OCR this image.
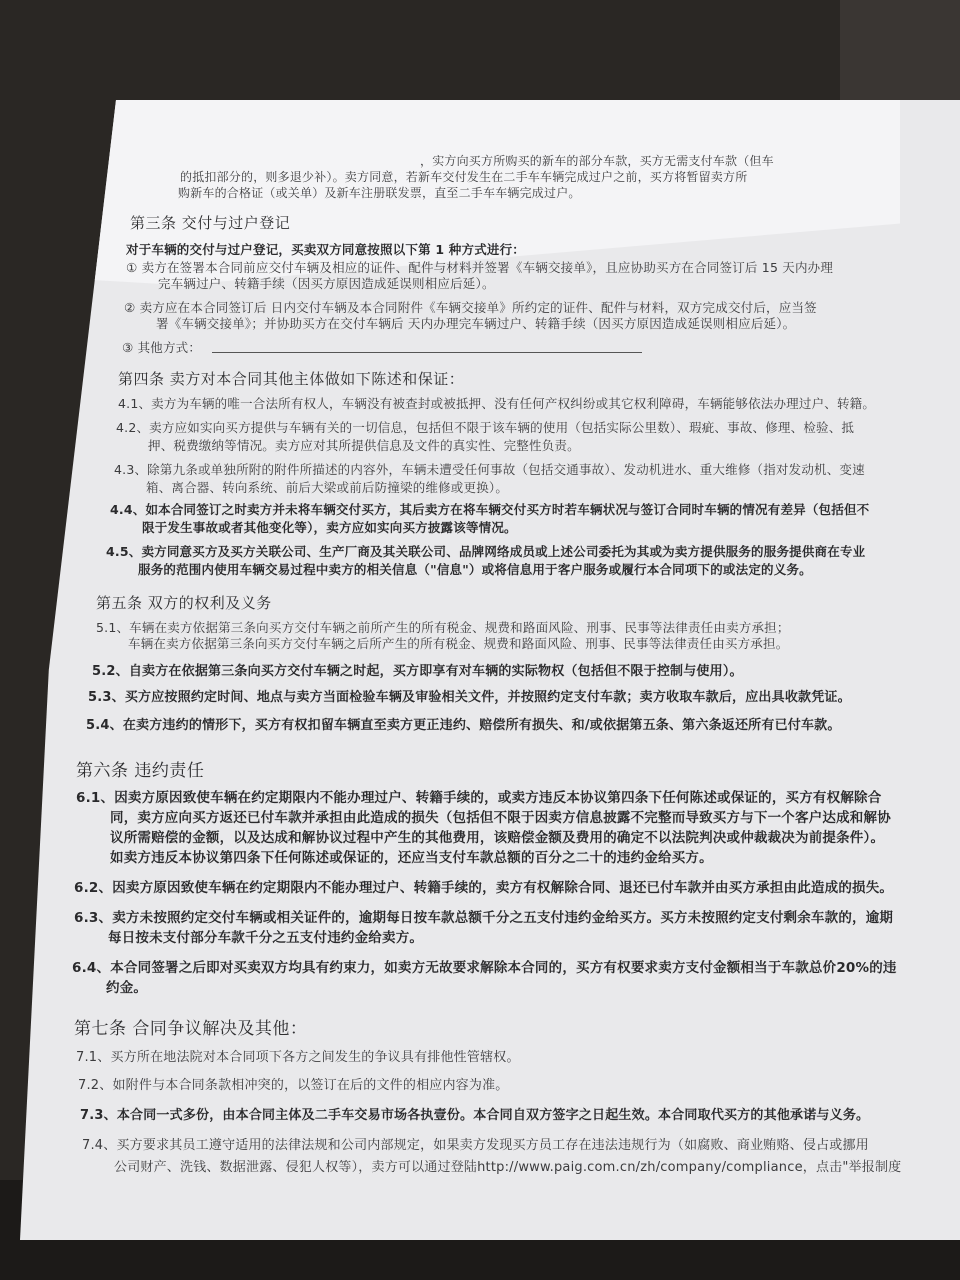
，实方向买方所购买的新车的部分车款，买方无需支付车款（但车
的抵扣部分的，则多退少补）。卖方同意，若新车交付发生在二手车车辆完成过户之前，买方将暂留卖方所
购新车的合格证（或关单）及新车注册联发票，直至二手车车辆完成过户。
第三条 交付与过户登记
对于车辆的交付与过户登记，买卖双方同意按照以下第 1 种方式进行：
① 卖方在签署本合同前应交付车辆及相应的证件、配件与材料并签署《车辆交接单》，且应协助买方在合同签订后 15 天内办理
完车辆过户、转籍手续（因买方原因造成延误则相应后延）。
② 卖方应在本合同签订后 日内交付车辆及本合同附件《车辆交接单》所约定的证件、配件与材料，双方完成交付后，应当签
署《车辆交接单》；并协助买方在交付车辆后 天内办理完车辆过户、转籍手续（因买方原因造成延误则相应后延）。
③ 其他方式：
第四条 卖方对本合同其他主体做如下陈述和保证：
4.1、卖方为车辆的唯一合法所有权人，车辆没有被查封或被抵押、没有任何产权纠纷或其它权利障碍，车辆能够依法办理过户、转籍。
4.2、卖方应如实向买方提供与车辆有关的一切信息，包括但不限于该车辆的使用（包括实际公里数）、瑕疵、事故、修理、检验、抵
押、税费缴纳等情况。卖方应对其所提供信息及文件的真实性、完整性负责。
4.3、除第九条或单独所附的附件所描述的内容外，车辆未遭受任何事故（包括交通事故）、发动机进水、重大维修（指对发动机、变速
箱、离合器、转向系统、前后大梁或前后防撞梁的维修或更换）。
4.4、如本合同签订之时卖方并未将车辆交付买方，其后卖方在将车辆交付买方时若车辆状况与签订合同时车辆的情况有差异（包括但不
限于发生事故或者其他变化等），卖方应如实向买方披露该等情况。
4.5、卖方同意买方及买方关联公司、生产厂商及其关联公司、品牌网络成员或上述公司委托为其或为卖方提供服务的服务提供商在专业
服务的范围内使用车辆交易过程中卖方的相关信息（"信息"）或将信息用于客户服务或履行本合同项下的或法定的义务。
第五条 双方的权利及义务
5.1、车辆在卖方依据第三条向买方交付车辆之前所产生的所有税金、规费和路面风险、刑事、民事等法律责任由卖方承担；
车辆在卖方依据第三条向买方交付车辆之后所产生的所有税金、规费和路面风险、刑事、民事等法律责任由买方承担。
5.2、自卖方在依据第三条向买方交付车辆之时起，买方即享有对车辆的实际物权（包括但不限于控制与使用）。
5.3、买方应按照约定时间、地点与卖方当面检验车辆及审验相关文件，并按照约定支付车款；卖方收取车款后，应出具收款凭证。
5.4、在卖方违约的情形下，买方有权扣留车辆直至卖方更正违约、赔偿所有损失、和/或依据第五条、第六条返还所有已付车款。
第六条 违约责任
6.1、因卖方原因致使车辆在约定期限内不能办理过户、转籍手续的，或卖方违反本协议第四条下任何陈述或保证的，买方有权解除合
同，卖方应向买方返还已付车款并承担由此造成的损失（包括但不限于因卖方信息披露不完整而导致买方与下一个客户达成和解协
议所需赔偿的金额，以及达成和解协议过程中产生的其他费用，该赔偿金额及费用的确定不以法院判决或仲裁裁决为前提条件）。
如卖方违反本协议第四条下任何陈述或保证的，还应当支付车款总额的百分之二十的违约金给买方。
6.2、因卖方原因致使车辆在约定期限内不能办理过户、转籍手续的，卖方有权解除合同、退还已付车款并由买方承担由此造成的损失。
6.3、卖方未按照约定交付车辆或相关证件的，逾期每日按车款总额千分之五支付违约金给买方。买方未按照约定支付剩余车款的，逾期
每日按未支付部分车款千分之五支付违约金给卖方。
6.4、本合同签署之后即对买卖双方均具有约束力，如卖方无故要求解除本合同的，买方有权要求卖方支付金额相当于车款总价20%的违
约金。
第七条 合同争议解决及其他：
7.1、买方所在地法院对本合同项下各方之间发生的争议具有排他性管辖权。
7.2、如附件与本合同条款相冲突的，以签订在后的文件的相应内容为准。
7.3、本合同一式多份，由本合同主体及二手车交易市场各执壹份。本合同自双方签字之日起生效。本合同取代买方的其他承诺与义务。
7.4、买方要求其员工遵守适用的法律法规和公司内部规定，如果卖方发现买方员工存在违法违规行为（如腐败、商业贿赂、侵占或挪用
公司财产、洗钱、数据泄露、侵犯人权等），卖方可以通过登陆http://www.paig.com.cn/zh/company/compliance，点击"举报制度
